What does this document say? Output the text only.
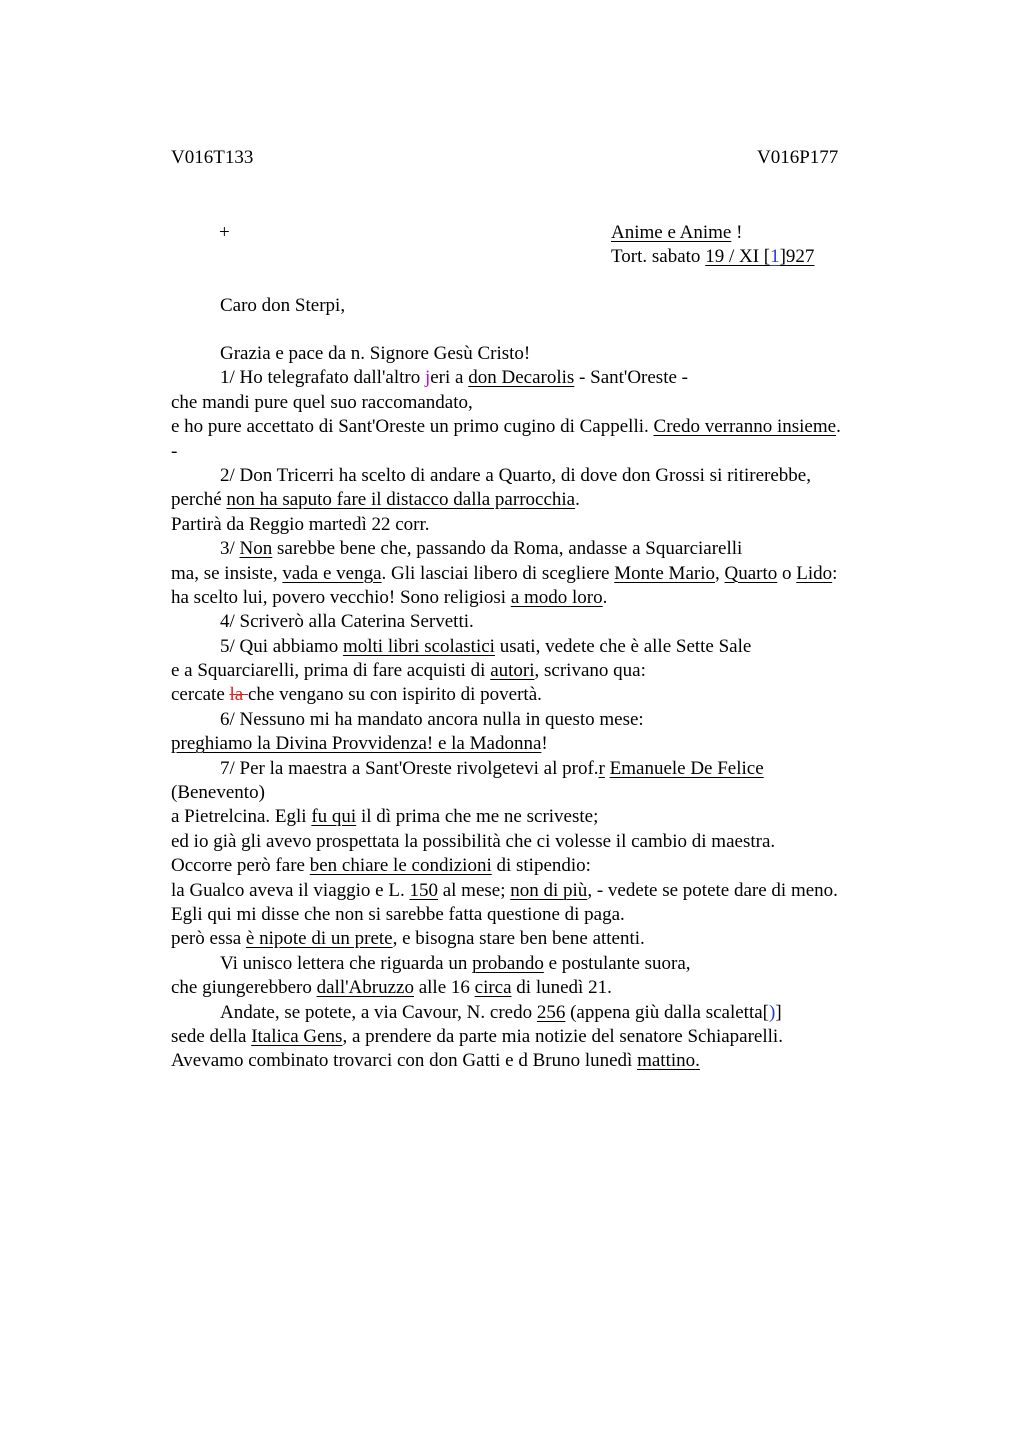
V016T133	V016P177
+	Anime e Anime !
Tort. sabato 19 / XI [1]927
Caro don Sterpi,
Grazia e pace da n. Signore Gesù Cristo!
1/ Ho telegrafato dall'altro jeri a don Decarolis - Sant'Oreste -
che mandi pure quel suo raccomandato,
e ho pure accettato di Sant'Oreste un primo cugino di Cappelli. Credo verranno insieme.
-
2/ Don Tricerri ha scelto di andare a Quarto, di dove don Grossi si ritirerebbe,
perché non ha saputo fare il distacco dalla parrocchia.
Partirà da Reggio martedì 22 corr.
3/ Non sarebbe bene che, passando da Roma, andasse a Squarciarelli
ma, se insiste, vada e venga. Gli lasciai libero di scegliere Monte Mario, Quarto o Lido:
ha scelto lui, povero vecchio! Sono religiosi a modo loro.
4/ Scriverò alla Caterina Servetti.
5/ Qui abbiamo molti libri scolastici usati, vedete che è alle Sette Sale
e a Squarciarelli, prima di fare acquisti di autori, scrivano qua:
cercate la che vengano su con ispirito di povertà.
6/ Nessuno mi ha mandato ancora nulla in questo mese:
preghiamo la Divina Provvidenza! e la Madonna!
7/ Per la maestra a Sant'Oreste rivolgetevi al prof.r Emanuele De Felice
(Benevento)
a Pietrelcina. Egli fu qui il dì prima che me ne scriveste;
ed io già gli avevo prospettata la possibilità che ci volesse il cambio di maestra.
Occorre però fare ben chiare le condizioni di stipendio:
la Gualco aveva il viaggio e L. 150 al mese; non di più, - vedete se potete dare di meno.
Egli qui mi disse che non si sarebbe fatta questione di paga.
però essa è nipote di un prete, e bisogna stare ben bene attenti.
Vi unisco lettera che riguarda un probando e postulante suora,
che giungerebbero dall'Abruzzo alle 16 circa di lunedì 21.
Andate, se potete, a via Cavour, N. credo 256 (appena giù dalla scaletta[)]
sede della Italica Gens, a prendere da parte mia notizie del senatore Schiaparelli.
Avevamo combinato trovarci con don Gatti e d Bruno lunedì mattino.
